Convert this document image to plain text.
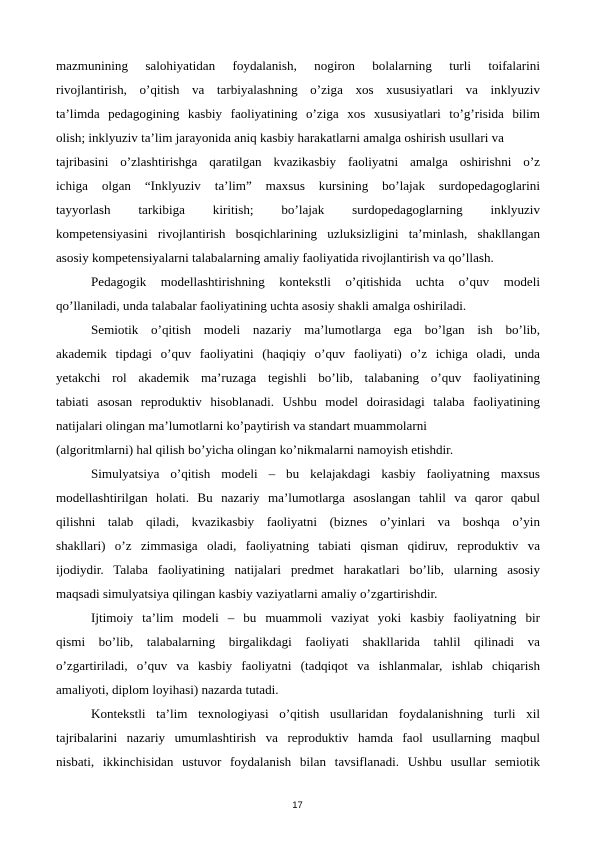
mazmunining salohiyatidan foydalanish, nogiron bolalarning turli toifalarini
rivojlantirish, o’qitish va tarbiyalashning o’ziga xos xususiyatlari va inklyuziv
ta’limda pedagogining kasbiy faoliyatining o’ziga xos xususiyatlari to’g’risida bilim
olish; inklyuziv ta’lim jarayonida aniq kasbiy harakatlarni amalga oshirish usullari va
tajribasini o’zlashtirishga qaratilgan kvazikasbiy faoliyatni amalga oshirishni o’z
ichiga olgan “Inklyuziv ta’lim” maxsus kursining bo’lajak surdopedagoglarini
tayyorlash tarkibiga kiritish; bo’lajak surdopedagoglarning inklyuziv
kompetensiyasini rivojlantirish bosqichlarining uzluksizligini ta’minlash, shakllangan
asosiy kompetensiyalarni talabalarning amaliy faoliyatida rivojlantirish va qo’llash.
Pedagogik modellashtirishning kontekstli o’qitishida uchta o’quv modeli
qo’llaniladi, unda talabalar faoliyatining uchta asosiy shakli amalga oshiriladi.
Semiotik o’qitish modeli nazariy ma’lumotlarga ega bo’lgan ish bo’lib,
akademik tipdagi o’quv faoliyatini (haqiqiy o’quv faoliyati) o’z ichiga oladi, unda
yetakchi rol akademik ma’ruzaga tegishli bo’lib, talabaning o’quv faoliyatining
tabiati asosan reproduktiv hisoblanadi. Ushbu model doirasidagi talaba faoliyatining
natijalari olingan ma’lumotlarni ko’paytirish va standart muammolarni
(algoritmlarni) hal qilish bo’yicha olingan ko’nikmalarni namoyish etishdir.
Simulyatsiya o’qitish modeli – bu kelajakdagi kasbiy faoliyatning maxsus
modellashtirilgan holati. Bu nazariy ma’lumotlarga asoslangan tahlil va qaror qabul
qilishni talab qiladi, kvazikasbiy faoliyatni (biznes o’yinlari va boshqa o’yin
shakllari) o’z zimmasiga oladi, faoliyatning tabiati qisman qidiruv, reproduktiv va
ijodiydir. Talaba faoliyatining natijalari predmet harakatlari bo’lib, ularning asosiy
maqsadi simulyatsiya qilingan kasbiy vaziyatlarni amaliy o’zgartirishdir.
Ijtimoiy ta’lim modeli – bu muammoli vaziyat yoki kasbiy faoliyatning bir
qismi bo’lib, talabalarning birgalikdagi faoliyati shakllarida tahlil qilinadi va
o’zgartiriladi, o’quv va kasbiy faoliyatni (tadqiqot va ishlanmalar, ishlab chiqarish
amaliyoti, diplom loyihasi) nazarda tutadi.
Kontekstli ta’lim texnologiyasi o’qitish usullaridan foydalanishning turli xil
tajribalarini nazariy umumlashtirish va reproduktiv hamda faol usullarning maqbul
nisbati, ikkinchisidan ustuvor foydalanish bilan tavsiflanadi. Ushbu usullar semiotik
17
